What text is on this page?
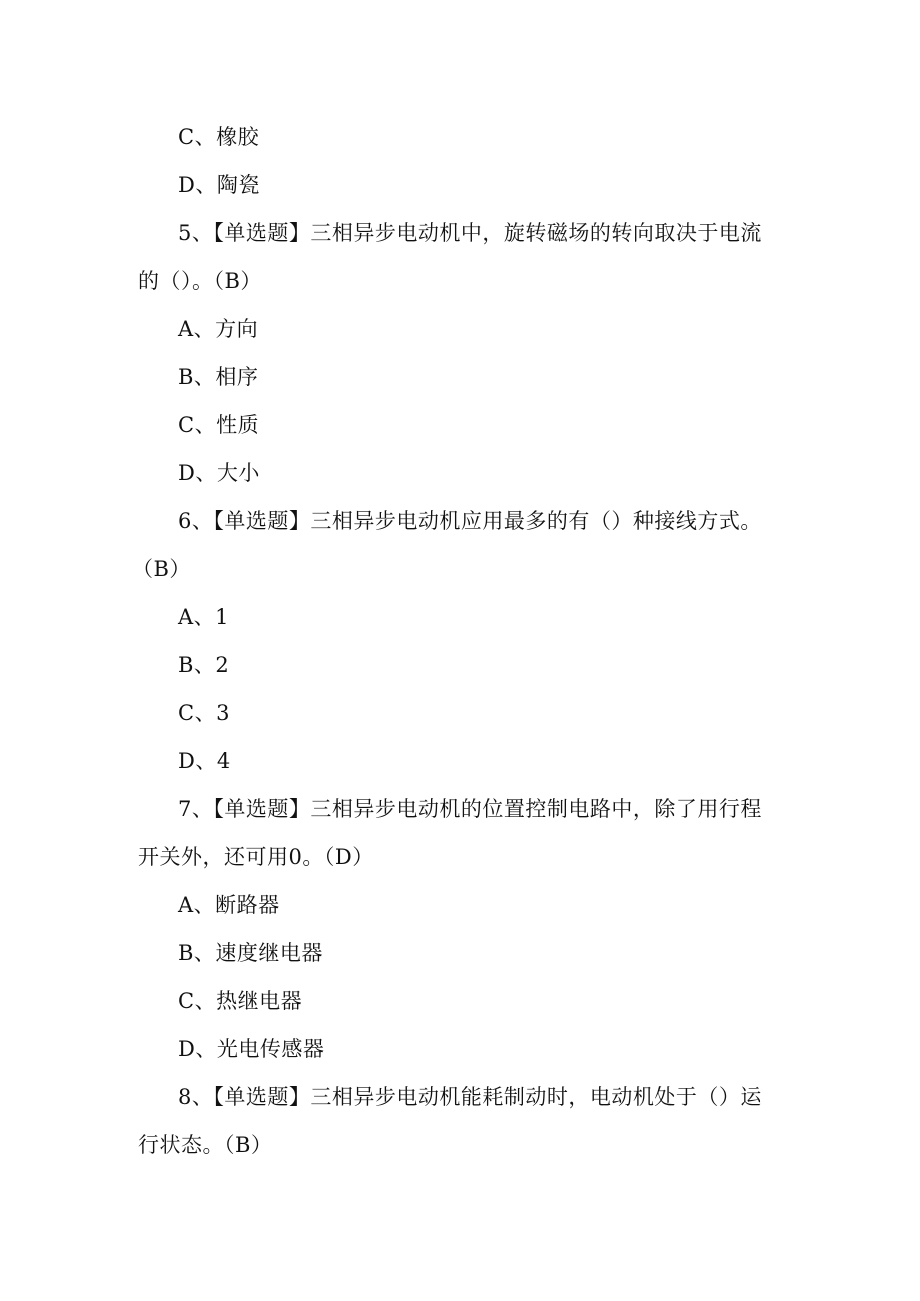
C、橡胶
D、陶瓷
5、【单选题】三相异步电动机中，旋转磁场的转向取决于电流
的（）。（B）
A、方向
B、相序
C、性质
D、大小
6、【单选题】三相异步电动机应用最多的有（）种接线方式。
（B）
A、1
B、2
C、3
D、4
7、【单选题】三相异步电动机的位置控制电路中，除了用行程
开关外，还可用0。（D）
A、断路器
B、速度继电器
C、热继电器
D、光电传感器
8、【单选题】三相异步电动机能耗制动时，电动机处于（）运
行状态。（B）
